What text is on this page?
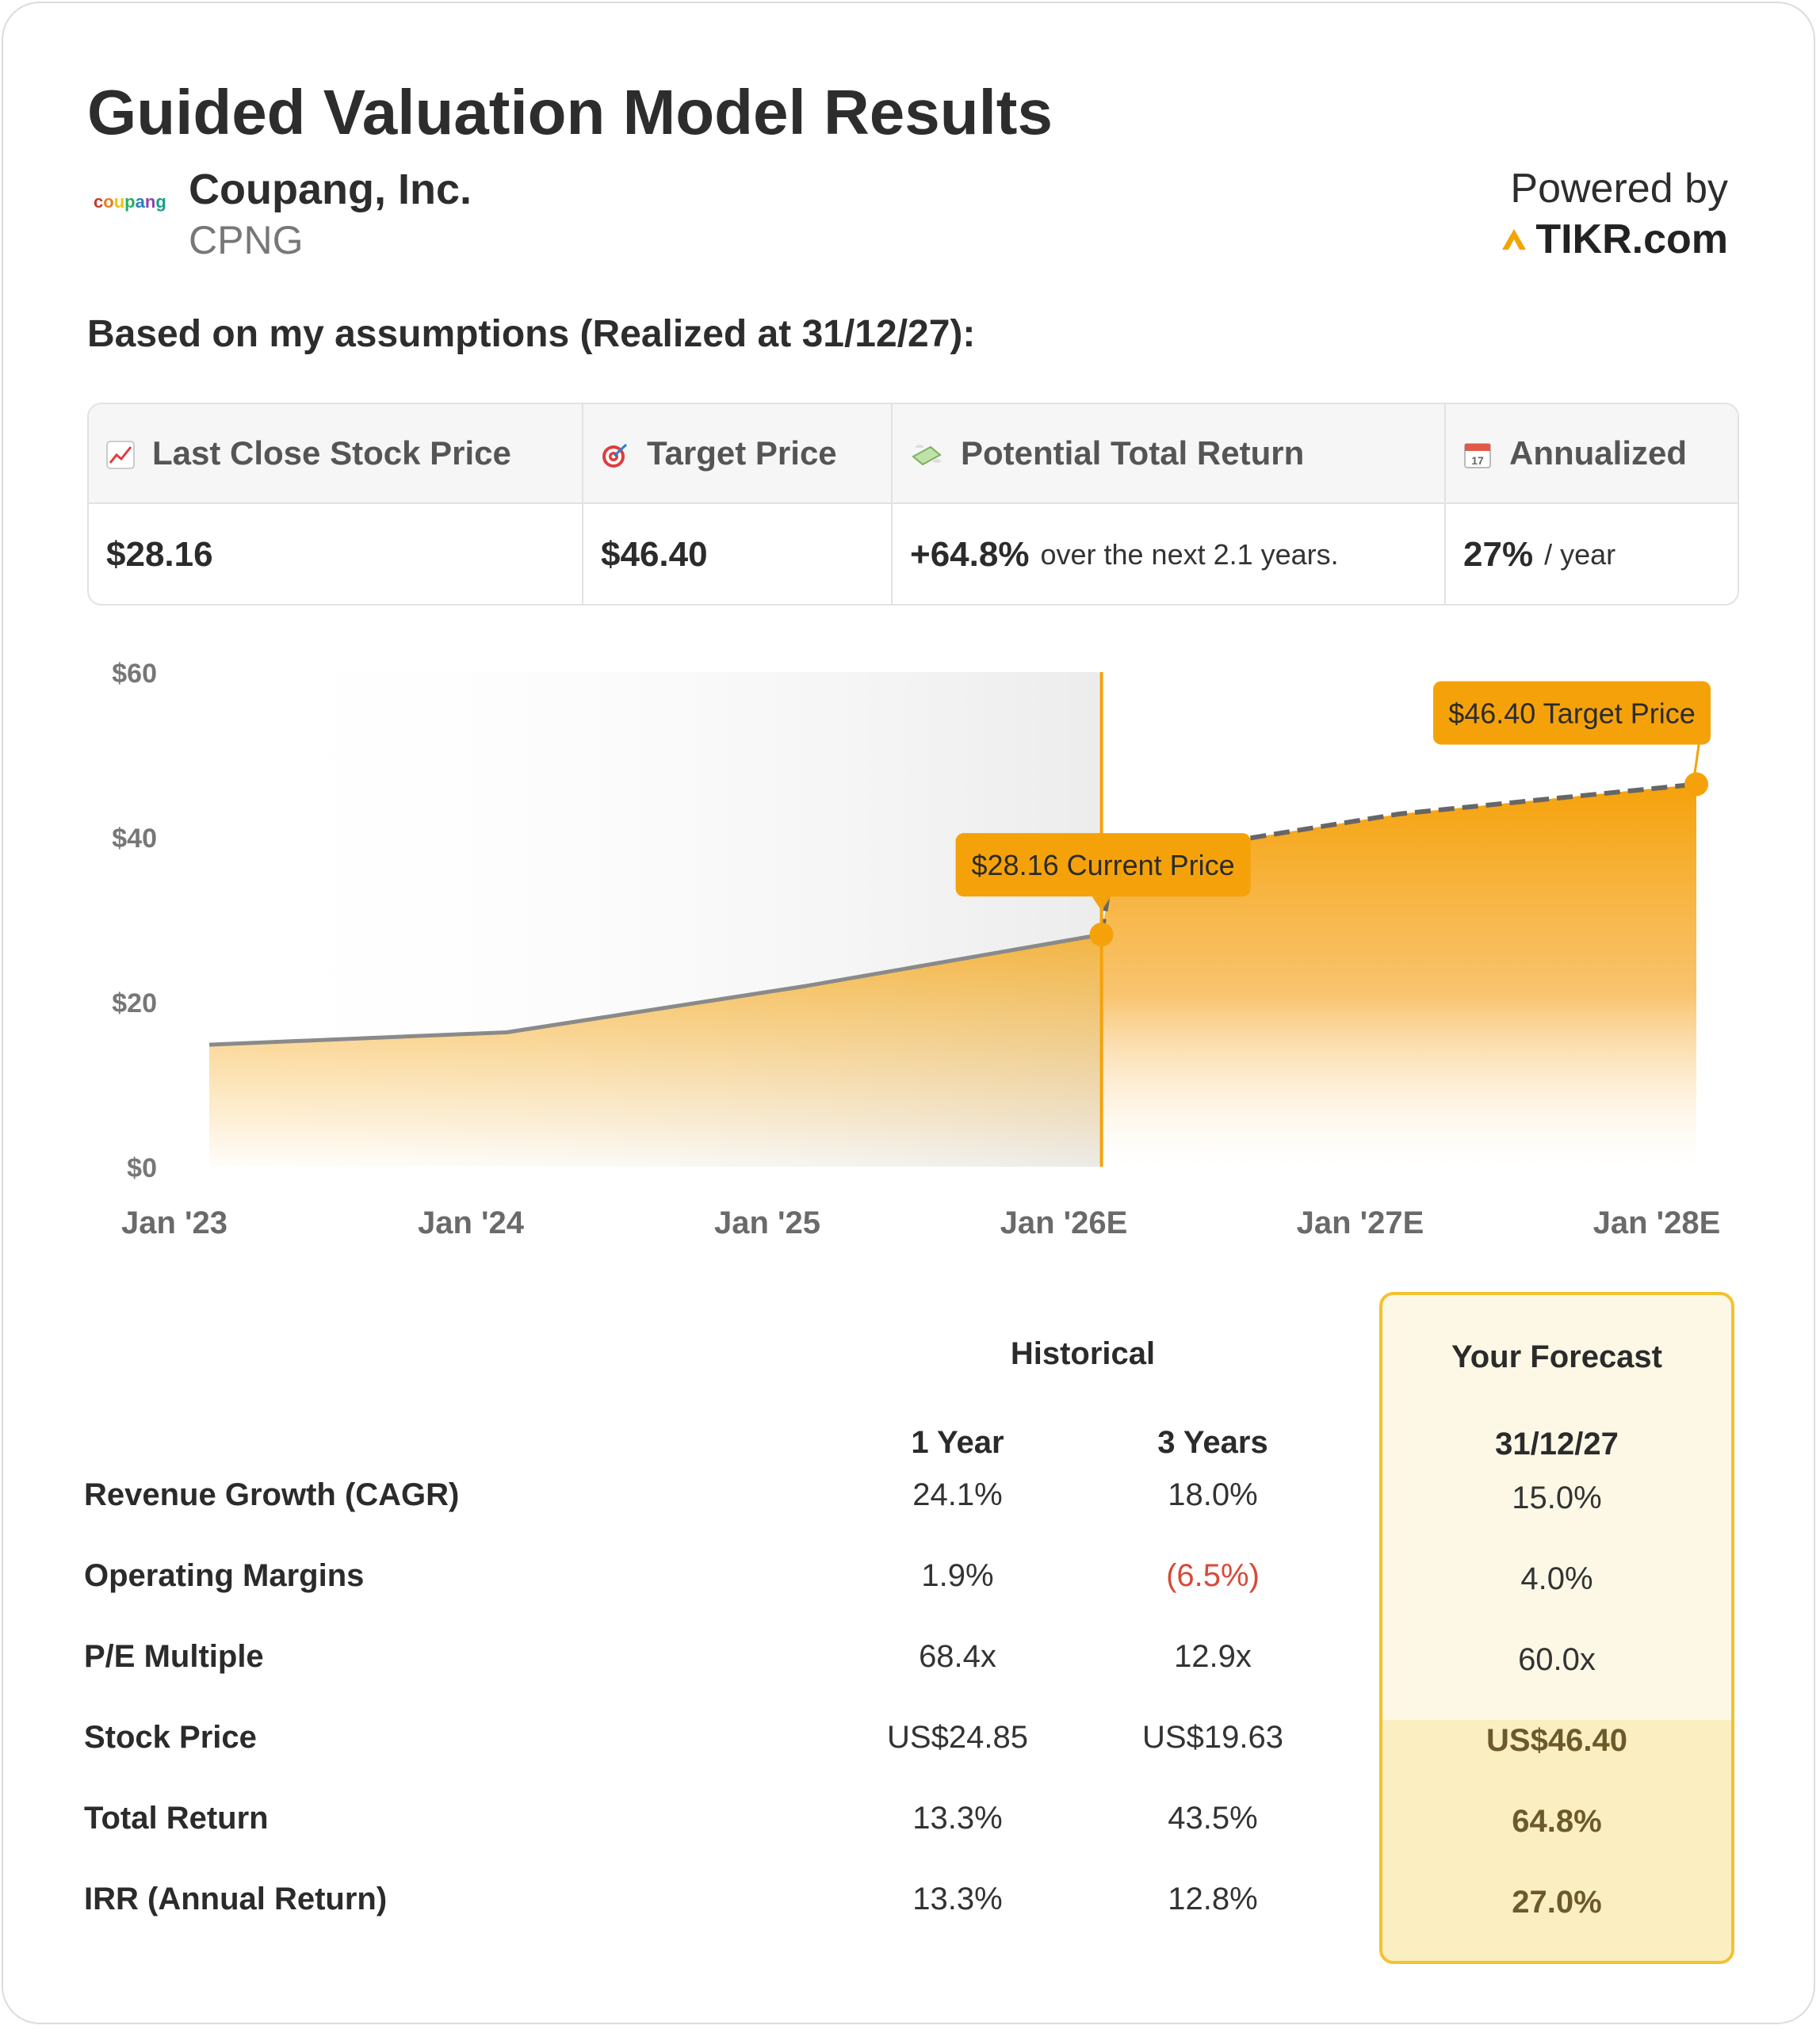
Guided Valuation Model Results
coupang Coupang, Inc.
CPNG
Powered by
TIKR.com
Based on my assumptions (Realized at 31/12/27):
Last Close Stock Price
$28.16
Target Price
$46.40
Potential Total Return
+64.8% over the next 2.1 years.
17 Annualized
27% / year
$0
$20
$40
$60
Jan '23	Jan '24	Jan '25	Jan '26E	Jan '27E	Jan '28E
$28.16 Current Price
$46.40 Target Price
Historical	Your Forecast
1 Year	3 Years	31/12/27
Revenue Growth (CAGR)	24.1%	18.0%	15.0%
Operating Margins	1.9%	(6.5%)	4.0%
P/E Multiple	68.4x	12.9x	60.0x
Stock Price	US$24.85	US$19.63	US$46.40
Total Return	13.3%	43.5%	64.8%
IRR (Annual Return)	13.3%	12.8%	27.0%
